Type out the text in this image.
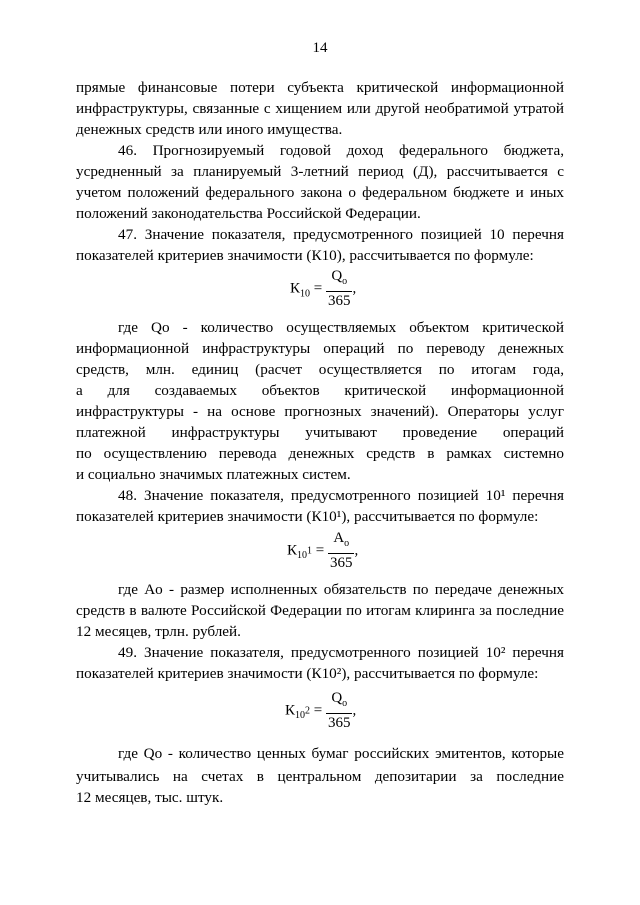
14
прямые финансовые потери субъекта критической информационной
инфраструктуры, связанные с хищением или другой необратимой утратой
денежных средств или иного имущества.
46. Прогнозируемый годовой доход федерального бюджета,
усредненный за планируемый 3-летний период (Д), рассчитывается с
учетом положений федерального закона о федеральном бюджете и иных
положений законодательства Российской Федерации.
47. Значение показателя, предусмотренного позицией 10 перечня
показателей критериев значимости (К10), рассчитывается по формуле:
$К_{10} = \frac{Q_о}{365}$ ,
где Qo - количество осуществляемых объектом критической
информационной инфраструктуры операций по переводу денежных
средств, млн. единиц (расчет осуществляется по итогам года,
а для создаваемых объектов критической информационной
инфраструктуры - на основе прогнозных значений). Операторы услуг
платежной инфраструктуры учитывают проведение операций
по осуществлению перевода денежных средств в рамках системно
и социально значимых платежных систем.
48. Значение показателя, предусмотренного позицией 10¹ перечня
показателей критериев значимости (К10¹), рассчитывается по формуле:
$К_{10^1} = \frac{А_о}{365}$ ,
где Ao - размер исполненных обязательств по передаче денежных
средств в валюте Российской Федерации по итогам клиринга за последние
12 месяцев, трлн. рублей.
49. Значение показателя, предусмотренного позицией 10² перечня
показателей критериев значимости (К10²), рассчитывается по формуле:
$К_{10^2} = \frac{Q_о}{365}$ ,
где Qo - количество ценных бумаг российских эмитентов, которые
учитывались на счетах в центральном депозитарии за последние
12 месяцев, тыс. штук.
